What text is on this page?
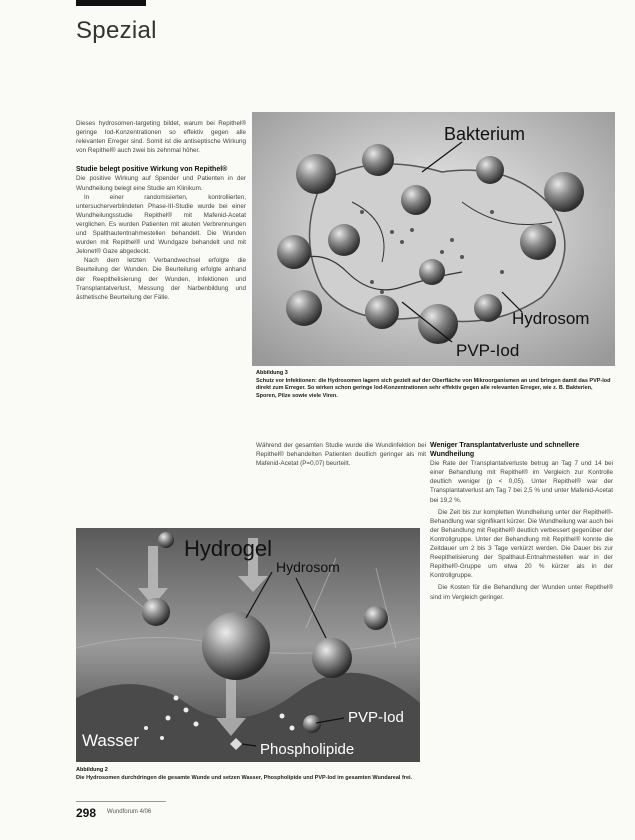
Spezial

Dieses hydrosomen-targeting bildet, warum bei Repithel® geringe Iod-Konzentrationen so effektiv gegen alle relevanten Erreger sind. Somit ist die antiseptische Wirkung von Repithel® auch zwei bis zehnmal höher.

Studie belegt positive Wirkung von Repithel®

Die positive Wirkung auf Spender und Patienten in der Wundheilung belegt eine Studie am Klinikum.

In einer randomisierten, kontrollierten, untersucherverblindeten Phase-III-Studie wurde bei einer Wundheilungsstudie Repithel® mit Mafenid-Acetat verglichen. Es wurden Patienten mit akuten Verbrennungen und Spalthautentnahmestellen behandelt. Die Wunden wurden mit Repithel® und Wundgaze behandelt und mit Jelonet® Gaze abgedeckt.

Nach dem letzten Verbandwechsel erfolgte die Beurteilung der Wunden. Die Beurteilung erfolgte anhand der Reepithelisierung der Wunden, Infektionen und Transplantatverlust, Messung der Narbenbildung und ästhetische Beurteilung der Fälle.

Bakterium
Hydrosom
PVP-Iod

Abbildung 3

Schutz vor Infektionen: die Hydrosomen lagern sich gezielt auf der Oberfläche von Mikroorganismen an und bringen damit das PVP-Iod direkt zum Erreger. So wirken schon geringe Iod-Konzentrationen sehr effektiv gegen alle relevanten Erreger, wie z. B. Bakterien, Sporen, Pilze sowie viele Viren.

Während der gesamten Studie wurde die Wundinfektion bei Repithel® behandelten Patienten deutlich geringer als mit Mafenid-Acetat (P=0,07) beurteilt.

Weniger Transplantatverluste und schnellere Wundheilung

Die Rate der Transplantatverluste betrug an Tag 7 und 14 bei einer Behandlung mit Repithel® im Vergleich zur Kontrolle deutlich weniger (p < 0,05). Unter Repithel® war der Transplantatverlust am Tag 7 bei 2,5 % und unter Mafenid-Acetat bei 19,2 %.

Die Zeit bis zur kompletten Wundheilung unter der Repithel®-Behandlung war signifikant kürzer. Die Wundheilung war auch bei der Behandlung mit Repithel® deutlich verbessert gegenüber der Kontrollgruppe. Unter der Behandlung mit Repithel® konnte die Zeitdauer um 2 bis 3 Tage verkürzt werden. Die Dauer bis zur Reepithelisierung der Spalthaut-Entnahmestellen war in der Repithel®-Gruppe um etwa 20 % kürzer als in der Kontrollgruppe.

Die Kosten für die Behandlung der Wunden unter Repithel® sind im Vergleich geringer.

Hydrogel
Hydrosom
PVP-Iod
Wasser	Phospholipide

Abbildung 2

Die Hydrosomen durchdringen die gesamte Wunde und setzen Wasser, Phospholipide und PVP-Iod im gesamten Wundareal frei.

298 Wundforum 4/06
